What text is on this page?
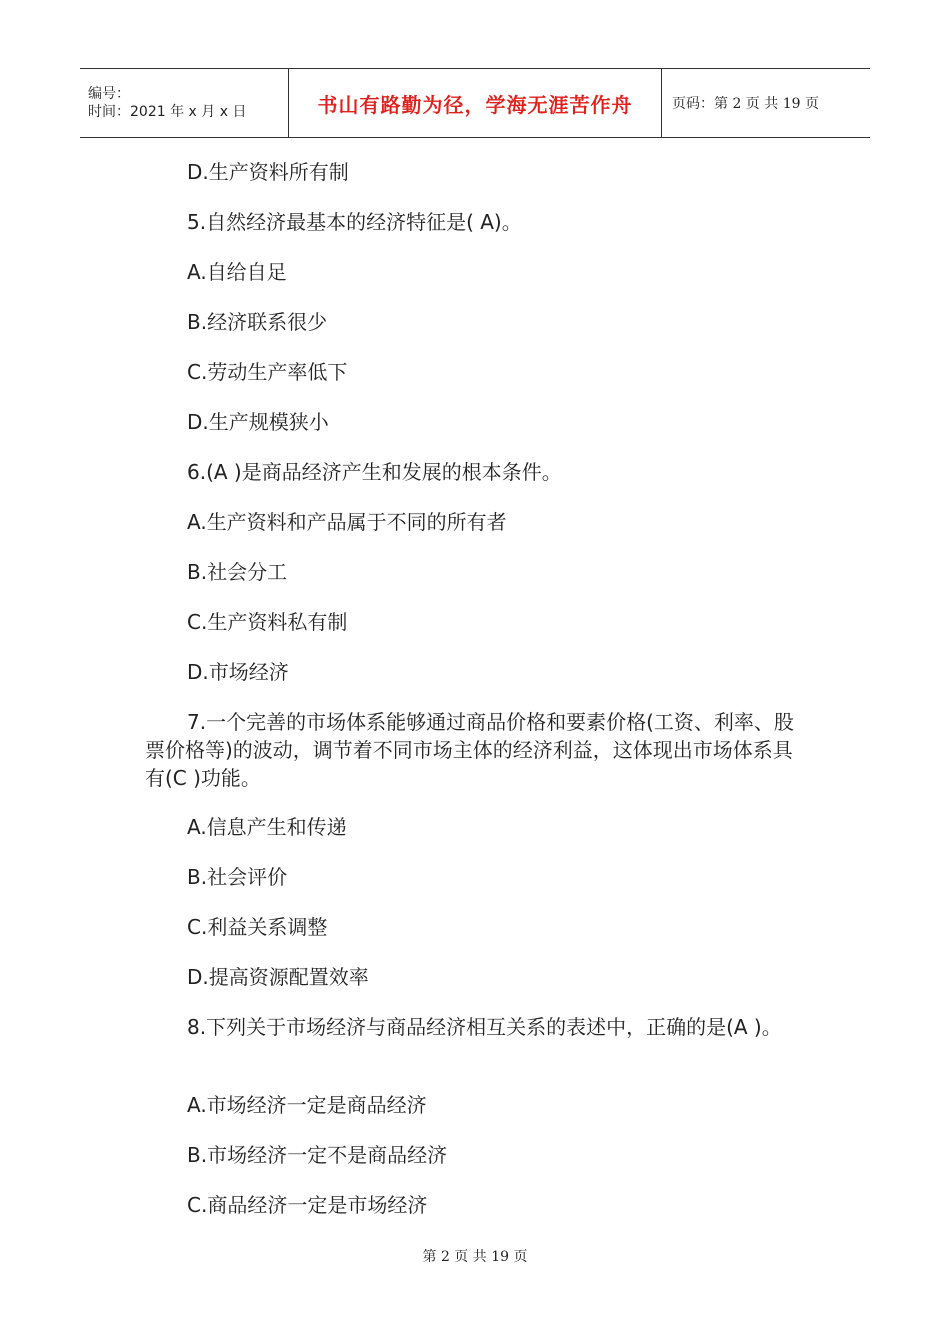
编号：
时间：2021 年 x 月 x 日	书山有路勤为径，学海无涯苦作舟	页码：第 2 页 共 19 页
D.生产资料所有制
5.自然经济最基本的经济特征是( A)。
A.自给自足
B.经济联系很少
C.劳动生产率低下
D.生产规模狭小
6.(A )是商品经济产生和发展的根本条件。
A.生产资料和产品属于不同的所有者
B.社会分工
C.生产资料私有制
D.市场经济
7.一个完善的市场体系能够通过商品价格和要素价格(工资、利率、股票价格等)的波动，调节着不同市场主体的经济利益，这体现出市场体系具有(C )功能。
A.信息产生和传递
B.社会评价
C.利益关系调整
D.提高资源配置效率
8.下列关于市场经济与商品经济相互关系的表述中，正确的是(A )。
A.市场经济一定是商品经济
B.市场经济一定不是商品经济
C.商品经济一定是市场经济
第 2 页 共 19 页
